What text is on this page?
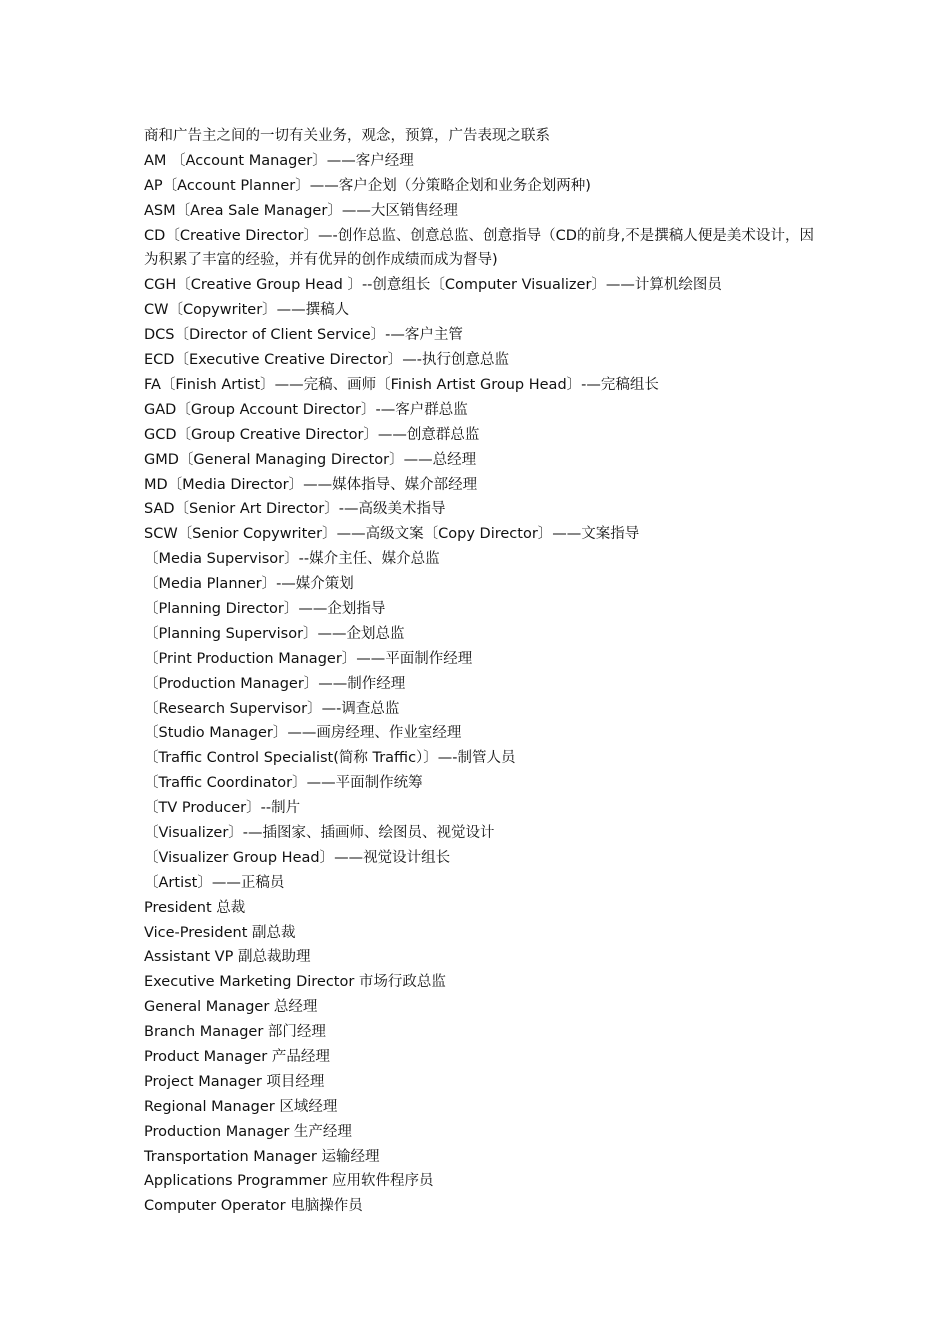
商和广告主之间的一切有关业务，观念，预算，广告表现之联系
AM 〔Account Manager〕——客户经理
AP〔Account Planner〕——客户企划（分策略企划和业务企划两种)
ASM〔Area Sale Manager〕——大区销售经理
CD〔Creative Director〕—-创作总监、创意总监、创意指导（CD的前身,不是撰稿人便是美术设计，因为积累了丰富的经验，并有优异的创作成绩而成为督导)
CGH〔Creative Group Head 〕--创意组长〔Computer Visualizer〕——计算机绘图员
CW〔Copywriter〕——撰稿人
DCS〔Director of Client Service〕-—客户主管
ECD〔Executive Creative Director〕—-执行创意总监
FA〔Finish Artist〕——完稿、画师〔Finish Artist Group Head〕-—完稿组长
GAD〔Group Account Director〕-—客户群总监
GCD〔Group Creative Director〕——创意群总监
GMD〔General Managing Director〕——总经理
MD〔Media Director〕——媒体指导、媒介部经理
SAD〔Senior Art Director〕-—高级美术指导
SCW〔Senior Copywriter〕——高级文案〔Copy Director〕——文案指导
〔Media Supervisor〕--媒介主任、媒介总监
〔Media Planner〕-—媒介策划
〔Planning Director〕——企划指导
〔Planning Supervisor〕——企划总监
〔Print Production Manager〕——平面制作经理
〔Production Manager〕——制作经理
〔Research Supervisor〕—-调查总监
〔Studio Manager〕——画房经理、作业室经理
〔Traffic Control Specialist(简称 Traffic）〕—-制管人员
〔Traffic Coordinator〕——平面制作统筹
〔TV Producer〕--制片
〔Visualizer〕-—插图家、插画师、绘图员、视觉设计
〔Visualizer Group Head〕——视觉设计组长
〔Artist〕——正稿员
President 总裁
Vice-President 副总裁
Assistant VP 副总裁助理
Executive Marketing Director 市场行政总监
General Manager 总经理
Branch Manager 部门经理
Product Manager 产品经理
Project Manager 项目经理
Regional Manager 区域经理
Production Manager 生产经理
Transportation Manager 运输经理
Applications Programmer 应用软件程序员
Computer Operator 电脑操作员
